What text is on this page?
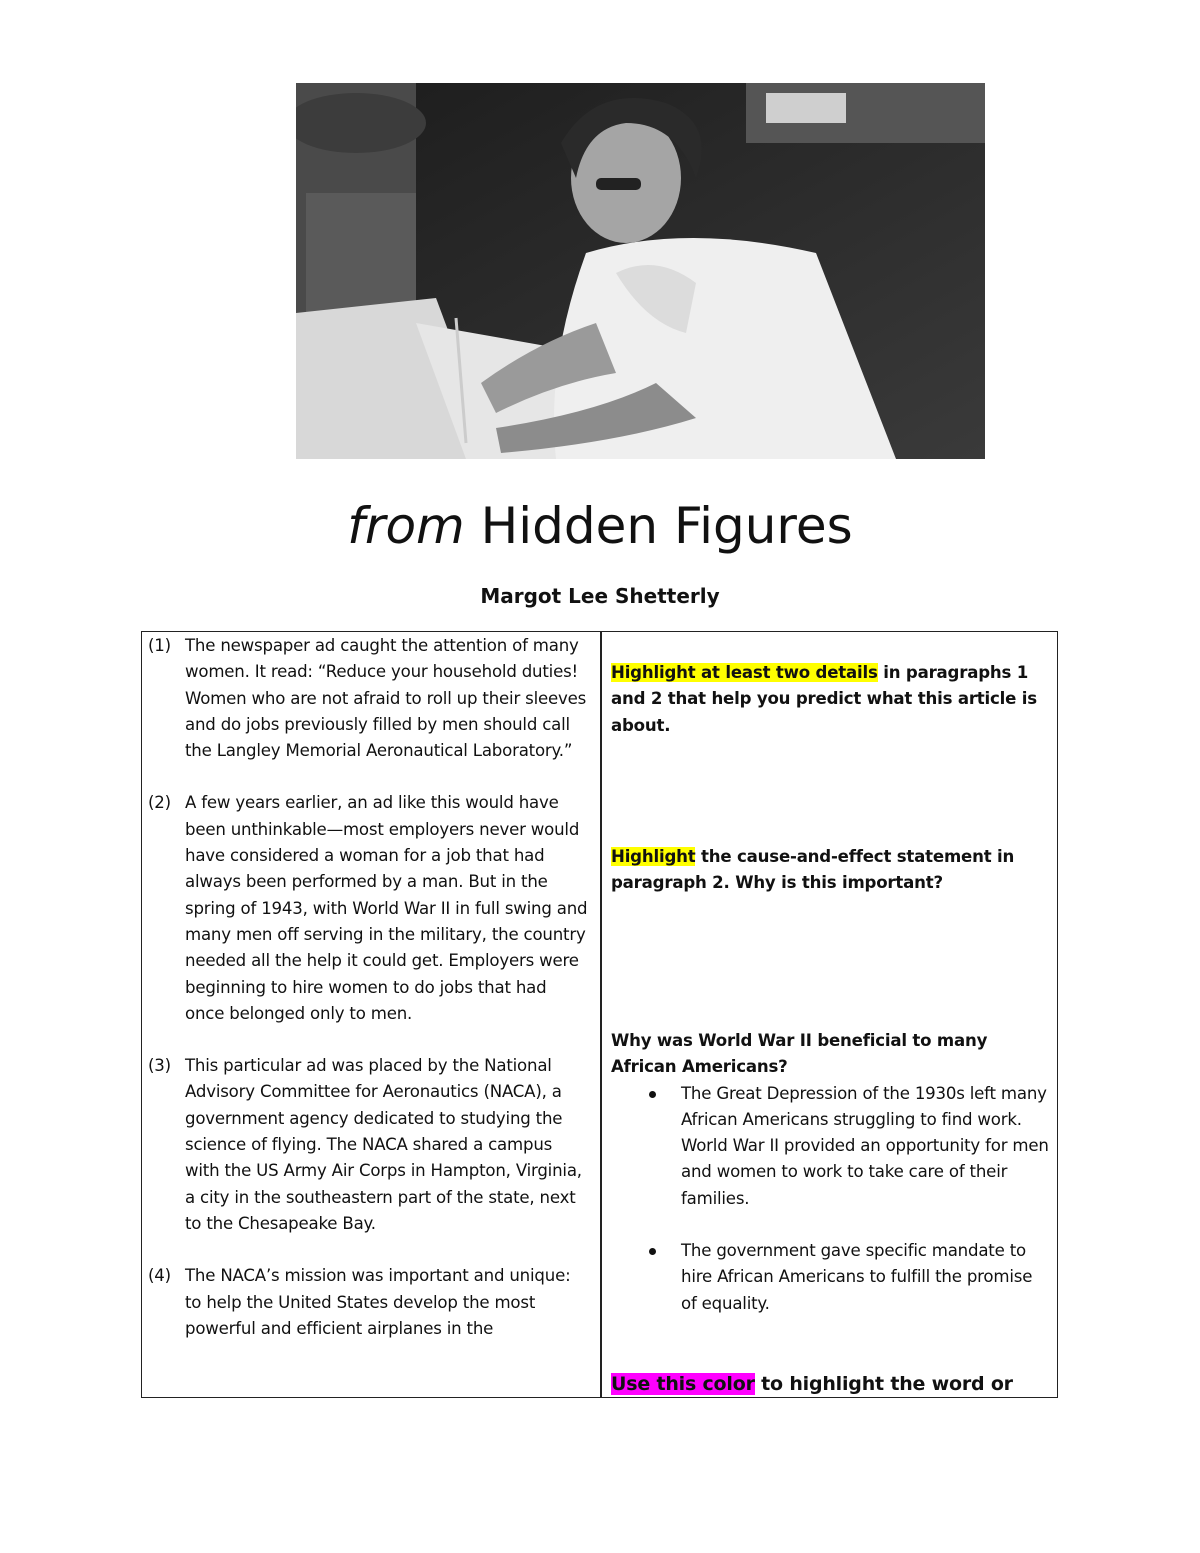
from Hidden Figures
Margot Lee Shetterly
(1) The newspaper ad caught the attention of many women. It read: “Reduce your household duties! Women who are not afraid to roll up their sleeves and do jobs previously filled by men should call the Langley Memorial Aeronautical Laboratory.”
(2) A few years earlier, an ad like this would have been unthinkable—most employers never would have considered a woman for a job that had always been performed by a man. But in the spring of 1943, with World War II in full swing and many men off serving in the military, the country needed all the help it could get. Employers were beginning to hire women to do jobs that had once belonged only to men.
(3) This particular ad was placed by the National Advisory Committee for Aeronautics (NACA), a government agency dedicated to studying the science of flying. The NACA shared a campus with the US Army Air Corps in Hampton, Virginia, a city in the southeastern part of the state, next to the Chesapeake Bay.
(4) The NACA’s mission was important and unique: to help the United States develop the most powerful and efficient airplanes in the
Highlight at least two details in paragraphs 1 and 2 that help you predict what this article is about.
Highlight the cause-and-effect statement in paragraph 2. Why is this important?
Why was World War II beneficial to many African Americans?
The Great Depression of the 1930s left many African Americans struggling to find work. World War II provided an opportunity for men and women to work to take care of their families.
The government gave specific mandate to hire African Americans to fulfill the promise of equality.
Use this color to highlight the word or
